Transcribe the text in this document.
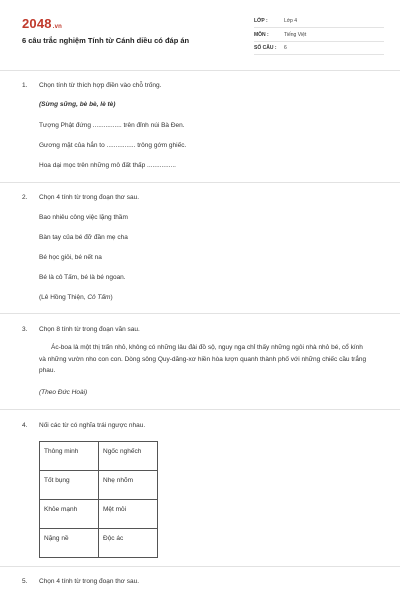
2048.vn
6 câu trắc nghiệm Tính từ Cánh diều có đáp án
LỚP :	Lớp 4
MÔN :	Tiếng Việt
SỐ CÂU : 6
1. Chọn tính từ thích hợp điền vào chỗ trống.
(Sừng sững, bè bè, lè tè)
Tượng Phật đứng ................ trên đỉnh núi Bà Đen.
Gương mặt của hắn to ................ trông gớm ghiếc.
Hoa dại mọc trên những mô đất thấp ................
2. Chọn 4 tính từ trong đoạn thơ sau.
Bao nhiêu công việc lặng thầm
Bàn tay của bé đỡ đần mẹ cha
Bé học giỏi, bé nết na
Bé là cô Tấm, bé là bé ngoan.
(Lê Hồng Thiện, Cô Tấm)
3. Chọn 8 tính từ trong đoạn văn sau.
Ác-boa là một thị trấn nhỏ, không có những lâu đài đồ sộ, nguy nga chỉ thấy những ngôi nhà nhỏ bé, cổ kính và những vườn nho con con. Dòng sông Quy-dăng-xơ hiền hòa lượn quanh thành phố với những chiếc cầu trắng phau.
(Theo Đức Hoài)
4. Nối các từ có nghĩa trái ngược nhau.
Thông minh	Ngốc nghếch
Tốt bụng	Nhẹ nhõm
Khỏe mạnh	Mệt mỏi
Nặng nề	Độc ác
5. Chọn 4 tính từ trong đoạn thơ sau.
